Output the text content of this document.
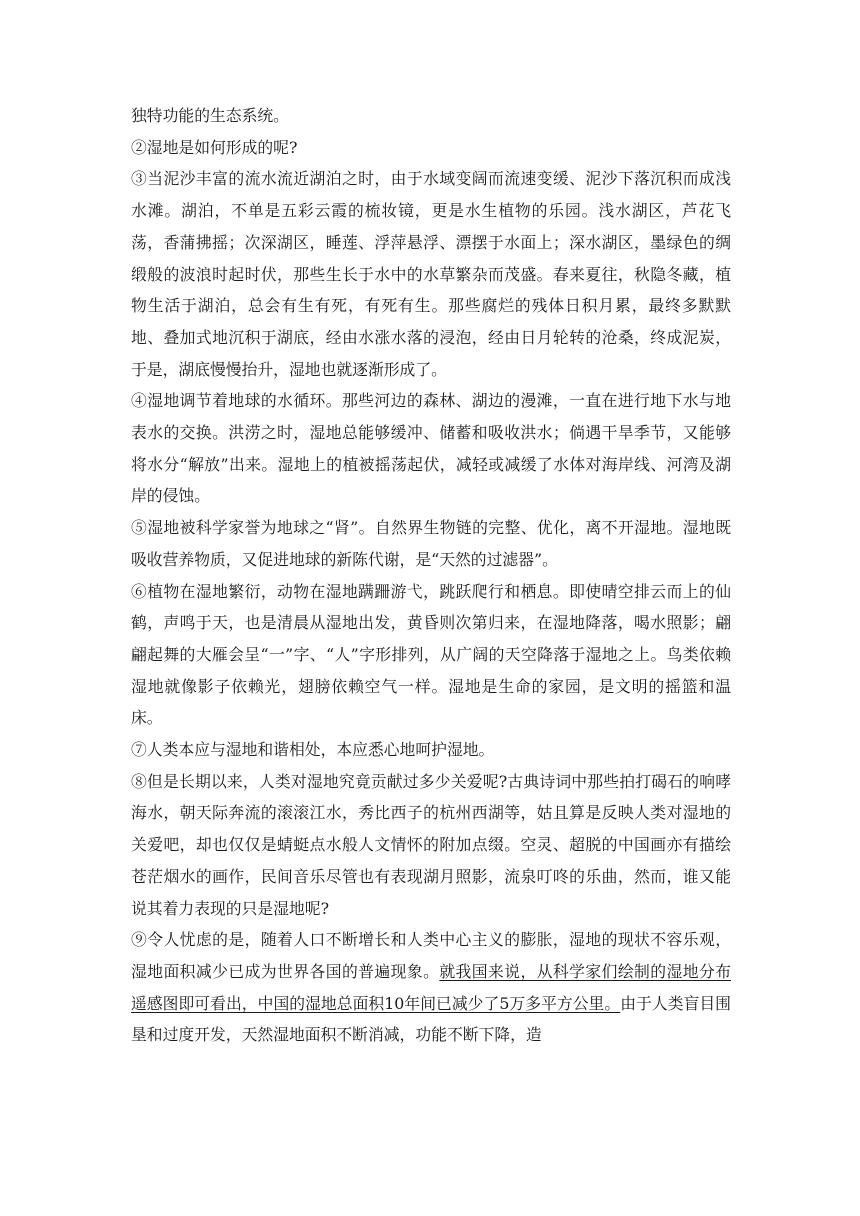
独特功能的生态系统。

②湿地是如何形成的呢?

③当泥沙丰富的流水流近湖泊之时，由于水域变阔而流速变缓、泥沙下落沉积而成浅水滩。湖泊，不单是五彩云霞的梳妆镜，更是水生植物的乐园。浅水湖区，芦花飞荡，香蒲拂摇；次深湖区，睡莲、浮萍悬浮、漂摆于水面上；深水湖区，墨绿色的绸缎般的波浪时起时伏，那些生长于水中的水草繁杂而茂盛。春来夏往，秋隐冬藏，植物生活于湖泊，总会有生有死，有死有生。那些腐烂的残体日积月累，最终多默默地、叠加式地沉积于湖底，经由水涨水落的浸泡，经由日月轮转的沧桑，终成泥炭，于是，湖底慢慢抬升，湿地也就逐渐形成了。

④湿地调节着地球的水循环。那些河边的森林、湖边的漫滩，一直在进行地下水与地表水的交换。洪涝之时，湿地总能够缓冲、储蓄和吸收洪水；倘遇干旱季节，又能够将水分“解放”出来。湿地上的植被摇荡起伏，减轻或减缓了水体对海岸线、河湾及湖岸的侵蚀。

⑤湿地被科学家誉为地球之“肾”。自然界生物链的完整、优化，离不开湿地。湿地既吸收营养物质，又促进地球的新陈代谢，是“天然的过滤器”。

⑥植物在湿地繁衍，动物在湿地蹒跚游弋，跳跃爬行和栖息。即使晴空排云而上的仙鹤，声鸣于天，也是清晨从湿地出发，黄昏则次第归来，在湿地降落，喝水照影；翩翩起舞的大雁会呈“一”字、“人”字形排列，从广阔的天空降落于湿地之上。鸟类依赖湿地就像影子依赖光，翅膀依赖空气一样。湿地是生命的家园，是文明的摇篮和温床。

⑦人类本应与湿地和谐相处，本应悉心地呵护湿地。

⑧但是长期以来，人类对湿地究竟贡献过多少关爱呢?古典诗词中那些拍打碣石的响哮海水，朝天际奔流的滚滚江水，秀比西子的杭州西湖等，姑且算是反映人类对湿地的关爱吧，却也仅仅是蜻蜓点水般人文情怀的附加点缀。空灵、超脱的中国画亦有描绘苍茫烟水的画作，民间音乐尽管也有表现湖月照影，流泉叮咚的乐曲，然而，谁又能说其着力表现的只是湿地呢?

⑨令人忧虑的是，随着人口不断增长和人类中心主义的膨胀，湿地的现状不容乐观，湿地面积减少已成为世界各国的普遍现象。就我国来说，从科学家们绘制的湿地分布遥感图即可看出，中国的湿地总面积10年间已减少了5万多平方公里。由于人类盲目围垦和过度开发，天然湿地面积不断消减，功能不断下降，造
